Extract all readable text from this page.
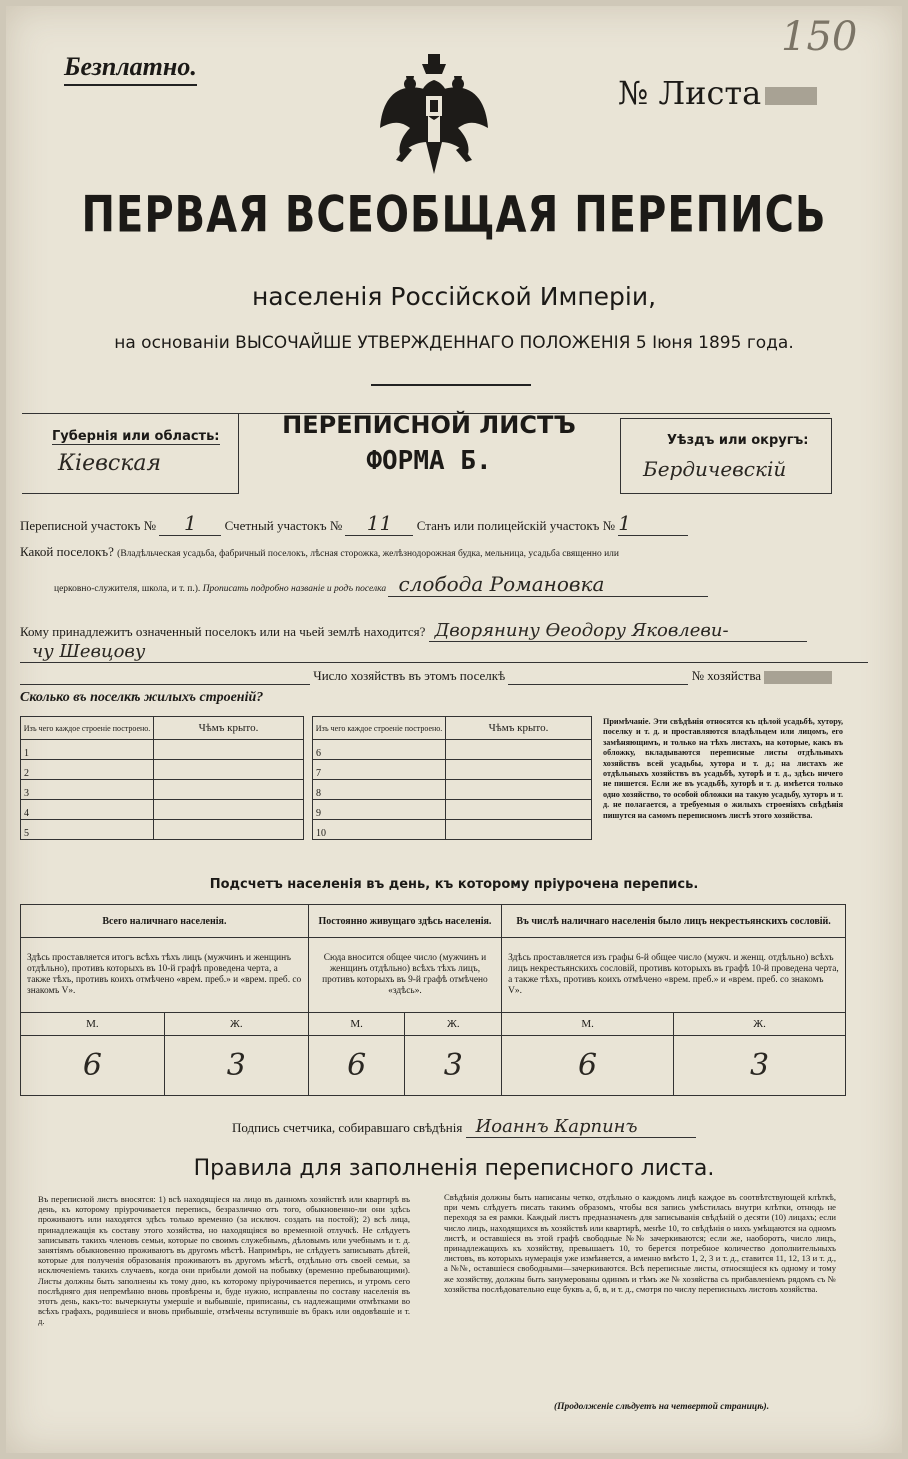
Безплатно.
150
№ Листа
ПЕРВАЯ ВСЕОБЩАЯ ПЕРЕПИСЬ
населенія Россійской Имперіи,
на основаніи ВЫСОЧАЙШЕ УТВЕРЖДЕННАГО ПОЛОЖЕНІЯ 5 Іюня 1895 года.
Губернія или область:
Кіевская
ПЕРЕПИСНОЙ ЛИСТЪ
ФОРМА Б.
Уѣздъ или округъ:
Бердичевскій
Переписной участокъ № 1 Счетный участокъ № 11 Станъ или полицейскій участокъ № 1
Какой поселокъ? (Владѣльческая усадьба, фабричный поселокъ, лѣсная сторожка, желѣзнодорожная будка, мельница, усадьба священно или
церковно-служителя, школа, и т. п.). Прописать подробно названіе и родъ поселка слобода Романовка
Кому принадлежитъ означенный поселокъ или на чьей землѣ находится? Дворянину Ѳеодору Яковлеви-
чу Шевцову
Число хозяйствъ въ этомъ поселкѣ	№ хозяйства
Сколько въ поселкѣ жилыхъ строеній?
Изъ чего каждое строеніе построено.	Чѣмъ крыто.
1	
2	
3	
4	
5	
Изъ чего каждое строеніе построено.	Чѣмъ крыто.
6	
7	
8	
9	
10	
Примѣчаніе. Эти свѣдѣнія относятся къ цѣлой усадьбѣ, хутору, поселку и т. д. и проставляются владѣльцем или лицомъ, его замѣняющимъ, и только на тѣхъ листахъ, на которые, какъ въ обложку, вкладываются переписные листы отдѣльныхъ хозяйствъ всей усадьбы, хутора и т. д.; на листахъ же отдѣльныхъ хозяйствъ въ усадьбѣ, хуторѣ и т. д., здѣсь ничего не пишется. Если же въ усадьбѣ, хуторѣ и т. д. имѣется только одно хозяйство, то особой обложки на такую усадьбу, хуторъ и т. д. не полагается, а требуемыя о жилыхъ строеніяхъ свѣдѣнія пишутся на самомъ переписномъ листѣ этого хозяйства.
Подсчетъ населенія въ день, къ которому пріурочена перепись.
Всего наличнаго населенія.		Постоянно живущаго здѣсь населенія.		Въ числѣ наличнаго населенія было лицъ некрестьянскихъ сословій.	
Здѣсь проставляется итогъ всѣхъ тѣхъ лицъ (мужчинъ и женщинъ отдѣльно), противъ которыхъ въ 10-й графѣ проведена черта, а также тѣхъ, противъ коихъ отмѣчено «врем. преб.» и «врем. преб. со знакомъ V».		Сюда вносится общее число (мужчинъ и женщинъ отдѣльно) всѣхъ тѣхъ лицъ, противъ которыхъ въ 9-й графѣ отмѣчено «здѣсь».		Здѣсь проставляется изъ графы 6-й общее число (мужч. и женщ. отдѣльно) всѣхъ лицъ некрестьянскихъ сословій, противъ которыхъ въ графѣ 10-й проведена черта, а также тѣхъ, противъ коихъ отмѣчено «врем. преб.» и «врем. преб. со знакомъ V».	
М.	Ж.	М.	Ж.	М.	Ж.
6	3	6	3	6	3
Подпись счетчика, собиравшаго свѣдѣнія Иоаннъ Карпинъ
Правила для заполненія переписного листа.
Въ переписной листъ вносятся: 1) всѣ находящіеся на лицо въ данномъ хозяйствѣ или квартирѣ въ день, къ которому пріурочивается перепись, безразлично отъ того, обыкновенно-ли они здѣсь проживаютъ или находятся здѣсь только временно (за исключ. создать на постой); 2) всѣ лица, принадлежащія къ составу этого хозяйства, но находящіяся во временной отлучкѣ. Не слѣдуетъ записывать такихъ членовъ семьи, которые по своимъ служебнымъ, дѣловымъ или учебнымъ и т. д. занятіямъ обыкновенно проживаютъ въ другомъ мѣстѣ. Напримѣръ, не слѣдуетъ записывать дѣтей, которые для полученія образованія проживаютъ въ другомъ мѣстѣ, отдѣльно отъ своей семьи, за исключеніемъ такихъ случаевъ, когда они прибыли домой на побывку (временно пребывающими). Листы должны быть заполнены къ тому дню, къ которому пріурочивается перепись, и утромъ сего послѣдняго дня непремѣнно вновь провѣрены и, буде нужно, исправлены по составу населенія въ этотъ день, какъ-то: вычеркнуты умершіе и выбывшіе, приписаны, съ надлежащими отмѣтками во всѣхъ графахъ, родившіеся и вновь прибывшіе, отмѣчены вступившіе въ бракъ или овдовѣвшіе и т. д.
Свѣдѣнія должны быть написаны четко, отдѣльно о каждомъ лицѣ каждое въ соотвѣтствующей клѣткѣ, при чемъ слѣдуетъ писать такимъ образомъ, чтобы вся запись умѣстилась внутри клѣтки, отнюдь не переходя за ея рамки. Каждый листъ предназначенъ для записыванія свѣдѣній о десяти (10) лицахъ; если число лицъ, находящихся въ хозяйствѣ или квартирѣ, менѣе 10, то свѣдѣнія о нихъ умѣщаются на одномъ листѣ, и оставшіеся въ этой графѣ свободные №№ зачеркиваются; если же, наоборотъ, число лицъ, принадлежащихъ къ хозяйству, превышаетъ 10, то берется потребное количество дополнительныхъ листовъ, въ которыхъ нумерація уже измѣняется, а именно вмѣсто 1, 2, 3 и т. д., ставится 11, 12, 13 и т. д., а №№, оставшіеся свободными—зачеркиваются. Всѣ переписные листы, относящіеся къ одному и тому же хозяйству, должны быть занумерованы одинмъ и тѣмъ же № хозяйства съ прибавленіемъ рядомъ съ № хозяйства послѣдовательно еще буквъ а, б, в, и т. д., смотря по числу переписныхъ листовъ хозяйства.
(Продолженіе слѣдуетъ на четвертой страницѣ).
